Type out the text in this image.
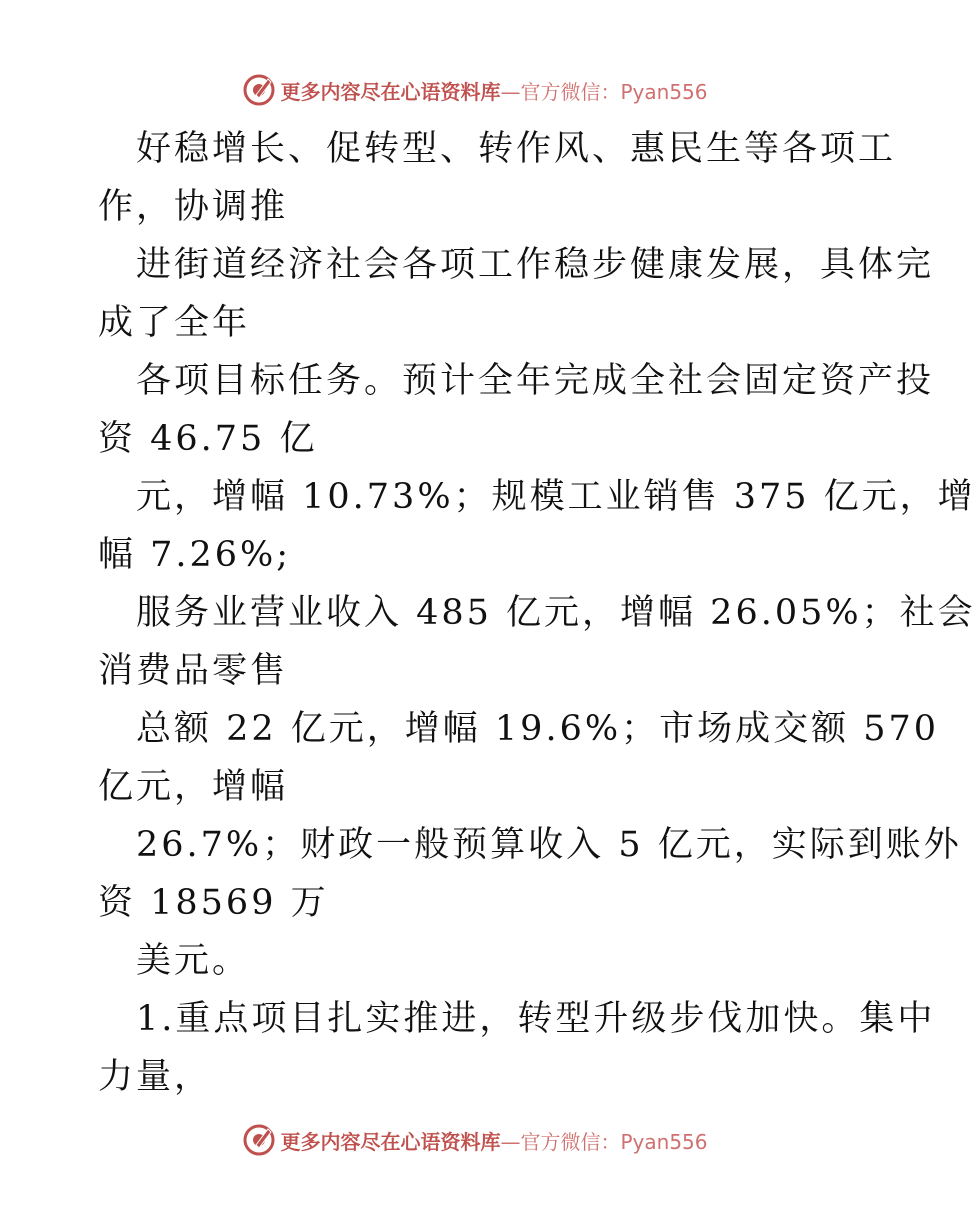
更多内容尽在心语资料库—官方微信：Pyan556
好稳增长、促转型、转作风、惠民生等各项工
作，协调推
进街道经济社会各项工作稳步健康发展，具体完
成了全年
各项目标任务。预计全年完成全社会固定资产投
资 46.75 亿
元，增幅 10.73%；规模工业销售 375 亿元，增
幅 7.26%;
服务业营业收入 485 亿元，增幅 26.05%；社会
消费品零售
总额 22 亿元，增幅 19.6%；市场成交额 570
亿元，增幅
26.7%；财政一般预算收入 5 亿元，实际到账外
资 18569 万
美元。
1.重点项目扎实推进，转型升级步伐加快。集中
力量，
更多内容尽在心语资料库—官方微信：Pyan556
